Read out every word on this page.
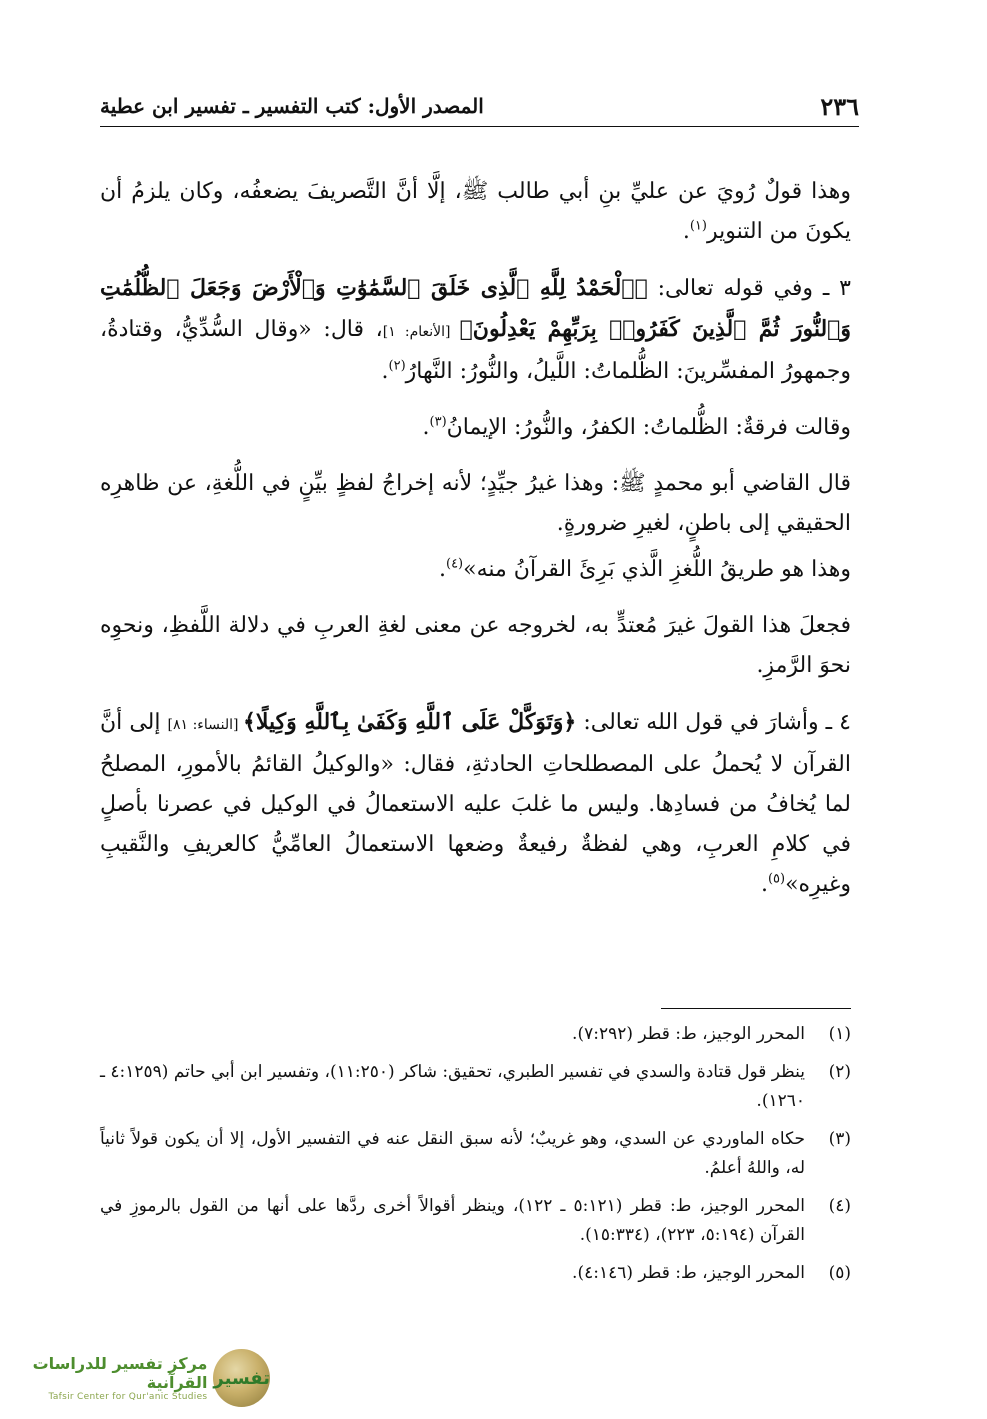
٢٣٦
المصدر الأول: كتب التفسير ـ تفسير ابن عطية

وهذا قولٌ رُويَ عن عليِّ بنِ أبي طالب ﷺ، إلَّا أنَّ التَّصريفَ يضعفُه، وكان يلزمُ أن يكونَ من التنوير$^{(١)}$.

٣ ـ وفي قوله تعالى: ﴿ٱلْحَمْدُ لِلَّهِ ٱلَّذِى خَلَقَ ٱلسَّمَٰوَٰتِ وَٱلْأَرْضَ وَجَعَلَ ٱلظُّلُمَٰتِ وَٱلنُّورَ ثُمَّ ٱلَّذِينَ كَفَرُوا۟ بِرَبِّهِمْ يَعْدِلُونَ﴾ [الأنعام: ١]، قال: «وقال السُّدِّيُّ، وقتادةُ، وجمهورُ المفسِّرينَ: الظُّلماتُ: اللَّيلُ، والنُّورُ: النَّهارُ$^{(٢)}$.

وقالت فرقةٌ: الظُّلماتُ: الكفرُ، والنُّورُ: الإيمانُ$^{(٣)}$.

قال القاضي أبو محمدٍ ﷺ: وهذا غيرُ جيِّدٍ؛ لأنه إخراجُ لفظٍ بيِّنٍ في اللُّغةِ، عن ظاهرِه الحقيقي إلى باطنٍ، لغيرِ ضرورةٍ.

وهذا هو طريقُ اللُّغزِ الَّذي بَرِئَ القرآنُ منه»$^{(٤)}$.

فجعلَ هذا القولَ غيرَ مُعتدٍّ به، لخروجه عن معنى لغةِ العربِ في دلالة اللَّفظِ، ونحوِه نحوَ الرَّمزِ.

٤ ـ وأشارَ في قول الله تعالى: ﴿وَتَوَكَّلْ عَلَى ٱللَّهِ وَكَفَىٰ بِٱللَّهِ وَكِيلًا﴾ [النساء: ٨١] إلى أنَّ القرآن لا يُحملُ على المصطلحاتِ الحادثةِ، فقال: «والوكيلُ القائمُ بالأمورِ، المصلحُ لما يُخافُ من فسادِها. وليس ما غلبَ عليه الاستعمالُ في الوكيل في عصرنا بأصلٍ في كلامِ العربِ، وهي لفظةٌ رفيعةٌ وضعها الاستعمالُ العامِّيُّ كالعريفِ والنَّقيبِ وغيرِه»$^{(٥)}$.

(١)
المحرر الوجيز، ط: قطر (٧:٢٩٢).
(٢)
ينظر قول قتادة والسدي في تفسير الطبري، تحقيق: شاكر (١١:٢٥٠)، وتفسير ابن أبي حاتم (٤:١٢٥٩ ـ ١٢٦٠).
(٣)
حكاه الماوردي عن السدي، وهو غريبٌ؛ لأنه سبق النقل عنه في التفسير الأول، إلا أن يكون قولاً ثانياً له، واللهُ أعلمُ.
(٤)
المحرر الوجيز، ط: قطر (٥:١٢١ ـ ١٢٢)، وينظر أقوالاً أخرى ردَّها على أنها من القول بالرموزِ في القرآن (٥:١٩٤، ٢٢٣)، (١٥:٣٣٤).
(٥)
المحرر الوجيز، ط: قطر (٤:١٤٦).
تفسير
مركز تفسير للدراسات القرآنية
Tafsir Center for Qur'anic Studies
